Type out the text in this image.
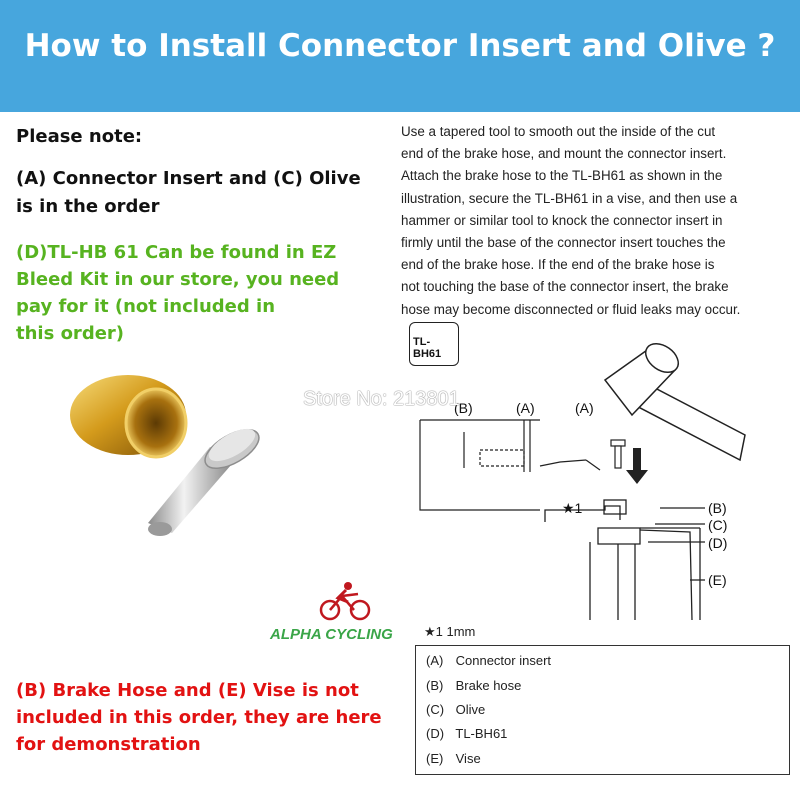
How to Install Connector Insert and Olive ?
Please note:
(A) Connector Insert and (C) Olive
is in the order
(D)TL-HB 61 Can be found in EZ
Bleed Kit in our store, you need
pay for it (not included in
this order)
ALPHA CYCLING
(B) Brake Hose and (E) Vise is not
included in this order, they are here
for demonstration
Use a tapered tool to smooth out the inside of the cut
end of the brake hose, and mount the connector insert.
Attach the brake hose to the TL-BH61 as shown in the
illustration, secure the TL-BH61 in a vise, and then use a
hammer or similar tool to knock the connector insert in
firmly until the base of the connector insert touches the
end of the brake hose. If the end of the brake hose is
not touching the base of the connector insert, the brake
hose may become disconnected or fluid leaks may occur.
TL-BH61
(B)	(A)	(A)
★1	(B)
(C)
(D)
(E)
Store No: 213801
★1 1mm
(A) Connector insert
(B) Brake hose
(C) Olive
(D) TL-BH61
(E) Vise
